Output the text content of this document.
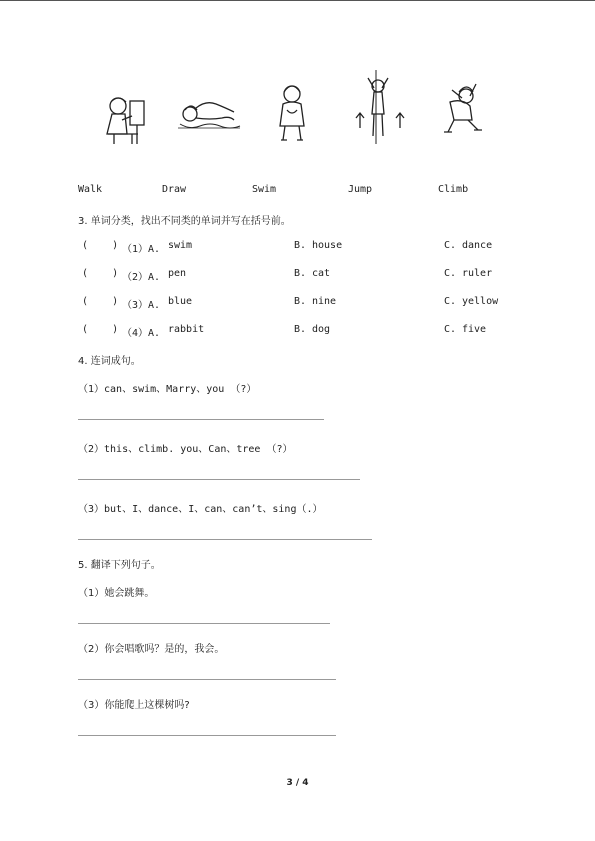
Walk	Draw	Swim	Jump	Climb
3. 单词分类，找出不同类的单词并写在括号前。
(    ) （1）A. swim	B. house	C. dance
(    ) （2）A. pen	B. cat	C. ruler
(    ) （3）A. blue	B. nine	C. yellow
(    ) （4）A. rabbit	B. dog	C. five
4. 连词成句。
（1）can、swim、Marry、you （?）
（2）this、climb. you、Can、tree （?）
（3）but、I、dance、I、can、can’t、sing（.）
5. 翻译下列句子。
（1）她会跳舞。
（2）你会唱歌吗？是的，我会。
（3）你能爬上这棵树吗?
3 / 4
